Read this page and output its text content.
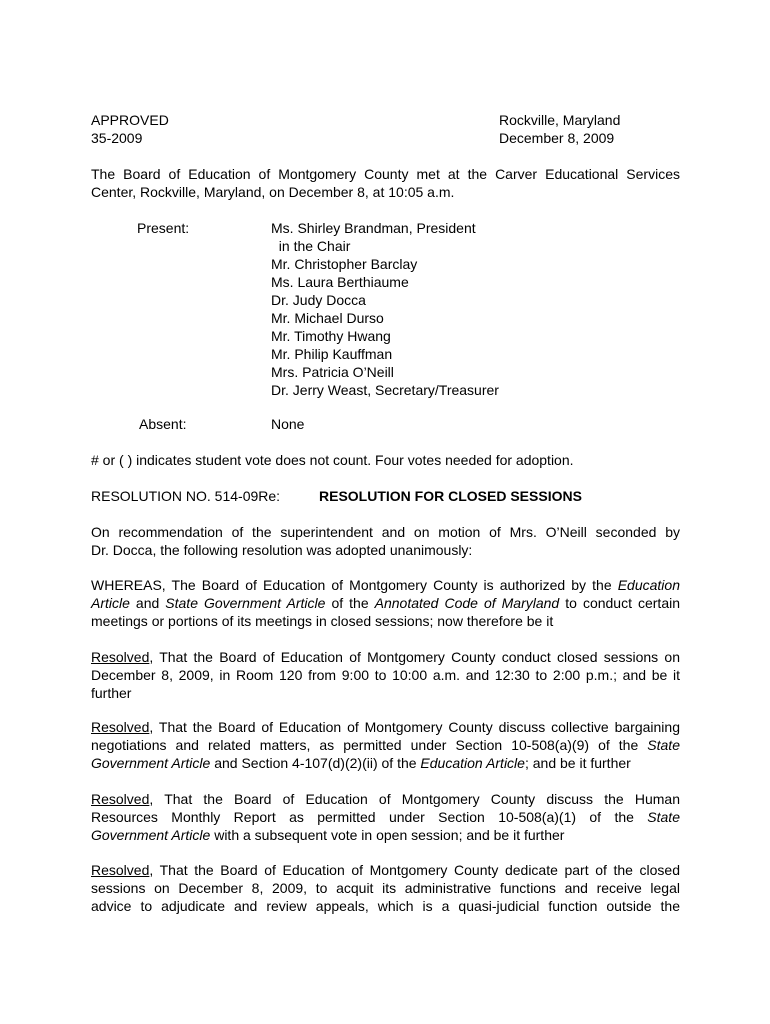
APPROVED
35-2009
Rockville, Maryland
December 8, 2009

The Board of Education of Montgomery County met at the Carver Educational Services
Center, Rockville, Maryland, on December 8, at 10:05 a.m.

Present:	Ms. Shirley Brandman, President
in the Chair
Mr. Christopher Barclay
Ms. Laura Berthiaume
Dr. Judy Docca
Mr. Michael Durso
Mr. Timothy Hwang
Mr. Philip Kauffman
Mrs. Patricia O’Neill
Dr. Jerry Weast, Secretary/Treasurer
Absent:	None
# or ( ) indicates student vote does not count. Four votes needed for adoption.
RESOLUTION NO. 514-09Re:	RESOLUTION FOR CLOSED SESSIONS

On recommendation of the superintendent and on motion of Mrs. O’Neill seconded by
Dr. Docca, the following resolution was adopted unanimously:

WHEREAS, The Board of Education of Montgomery County is authorized by the Education
Article and State Government Article of the Annotated Code of Maryland to conduct certain
meetings or portions of its meetings in closed sessions; now therefore be it

Resolved, That the Board of Education of Montgomery County conduct closed sessions on
December 8, 2009, in Room 120 from 9:00 to 10:00 a.m. and 12:30 to 2:00 p.m.; and be it
further

Resolved, That the Board of Education of Montgomery County discuss collective bargaining
negotiations and related matters, as permitted under Section 10-508(a)(9) of the State
Government Article and Section 4-107(d)(2)(ii) of the Education Article; and be it further

Resolved, That the Board of Education of Montgomery County discuss the Human
Resources Monthly Report as permitted under Section 10-508(a)(1) of the State
Government Article with a subsequent vote in open session; and be it further

Resolved, That the Board of Education of Montgomery County dedicate part of the closed
sessions on December 8, 2009, to acquit its administrative functions and receive legal
advice to adjudicate and review appeals, which is a quasi-judicial function outside the
